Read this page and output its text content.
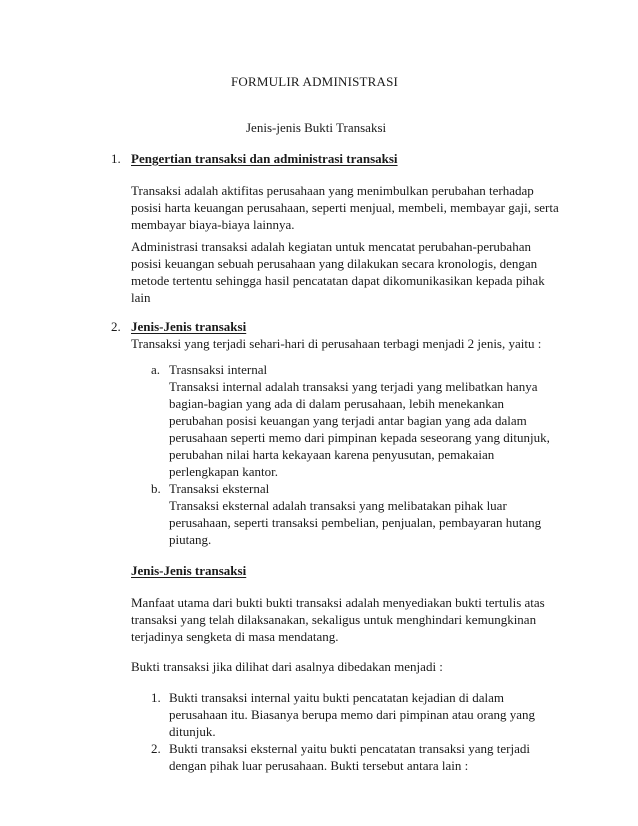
FORMULIR ADMINISTRASI
Jenis-jenis Bukti Transaksi
1. Pengertian transaksi dan administrasi transaksi
Transaksi adalah aktifitas perusahaan yang menimbulkan perubahan terhadap
posisi harta keuangan perusahaan, seperti menjual, membeli, membayar gaji, serta
membayar biaya-biaya lainnya.
Administrasi transaksi adalah kegiatan untuk mencatat perubahan-perubahan
posisi keuangan sebuah perusahaan yang dilakukan secara kronologis, dengan
metode tertentu sehingga hasil pencatatan dapat dikomunikasikan kepada pihak
lain
2. Jenis-Jenis transaksi
Transaksi yang terjadi sehari-hari di perusahaan terbagi menjadi 2 jenis, yaitu :
a. Trasnsaksi internal
Transaksi internal adalah transaksi yang terjadi yang melibatkan hanya
bagian-bagian yang ada di dalam perusahaan, lebih menekankan
perubahan posisi keuangan yang terjadi antar bagian yang ada dalam
perusahaan seperti memo dari pimpinan kepada seseorang yang ditunjuk,
perubahan nilai harta kekayaan karena penyusutan, pemakaian
perlengkapan kantor.
b. Transaksi eksternal
Transaksi eksternal adalah transaksi yang melibatakan pihak luar
perusahaan, seperti transaksi pembelian, penjualan, pembayaran hutang
piutang.
Jenis-Jenis transaksi
Manfaat utama dari bukti bukti transaksi adalah menyediakan bukti tertulis atas
transaksi yang telah dilaksanakan, sekaligus untuk menghindari kemungkinan
terjadinya sengketa di masa mendatang.
Bukti transaksi jika dilihat dari asalnya dibedakan menjadi :
1. Bukti transaksi internal yaitu bukti pencatatan kejadian di dalam
perusahaan itu. Biasanya berupa memo dari pimpinan atau orang yang
ditunjuk.
2. Bukti transaksi eksternal yaitu bukti pencatatan transaksi yang terjadi
dengan pihak luar perusahaan. Bukti tersebut antara lain :
